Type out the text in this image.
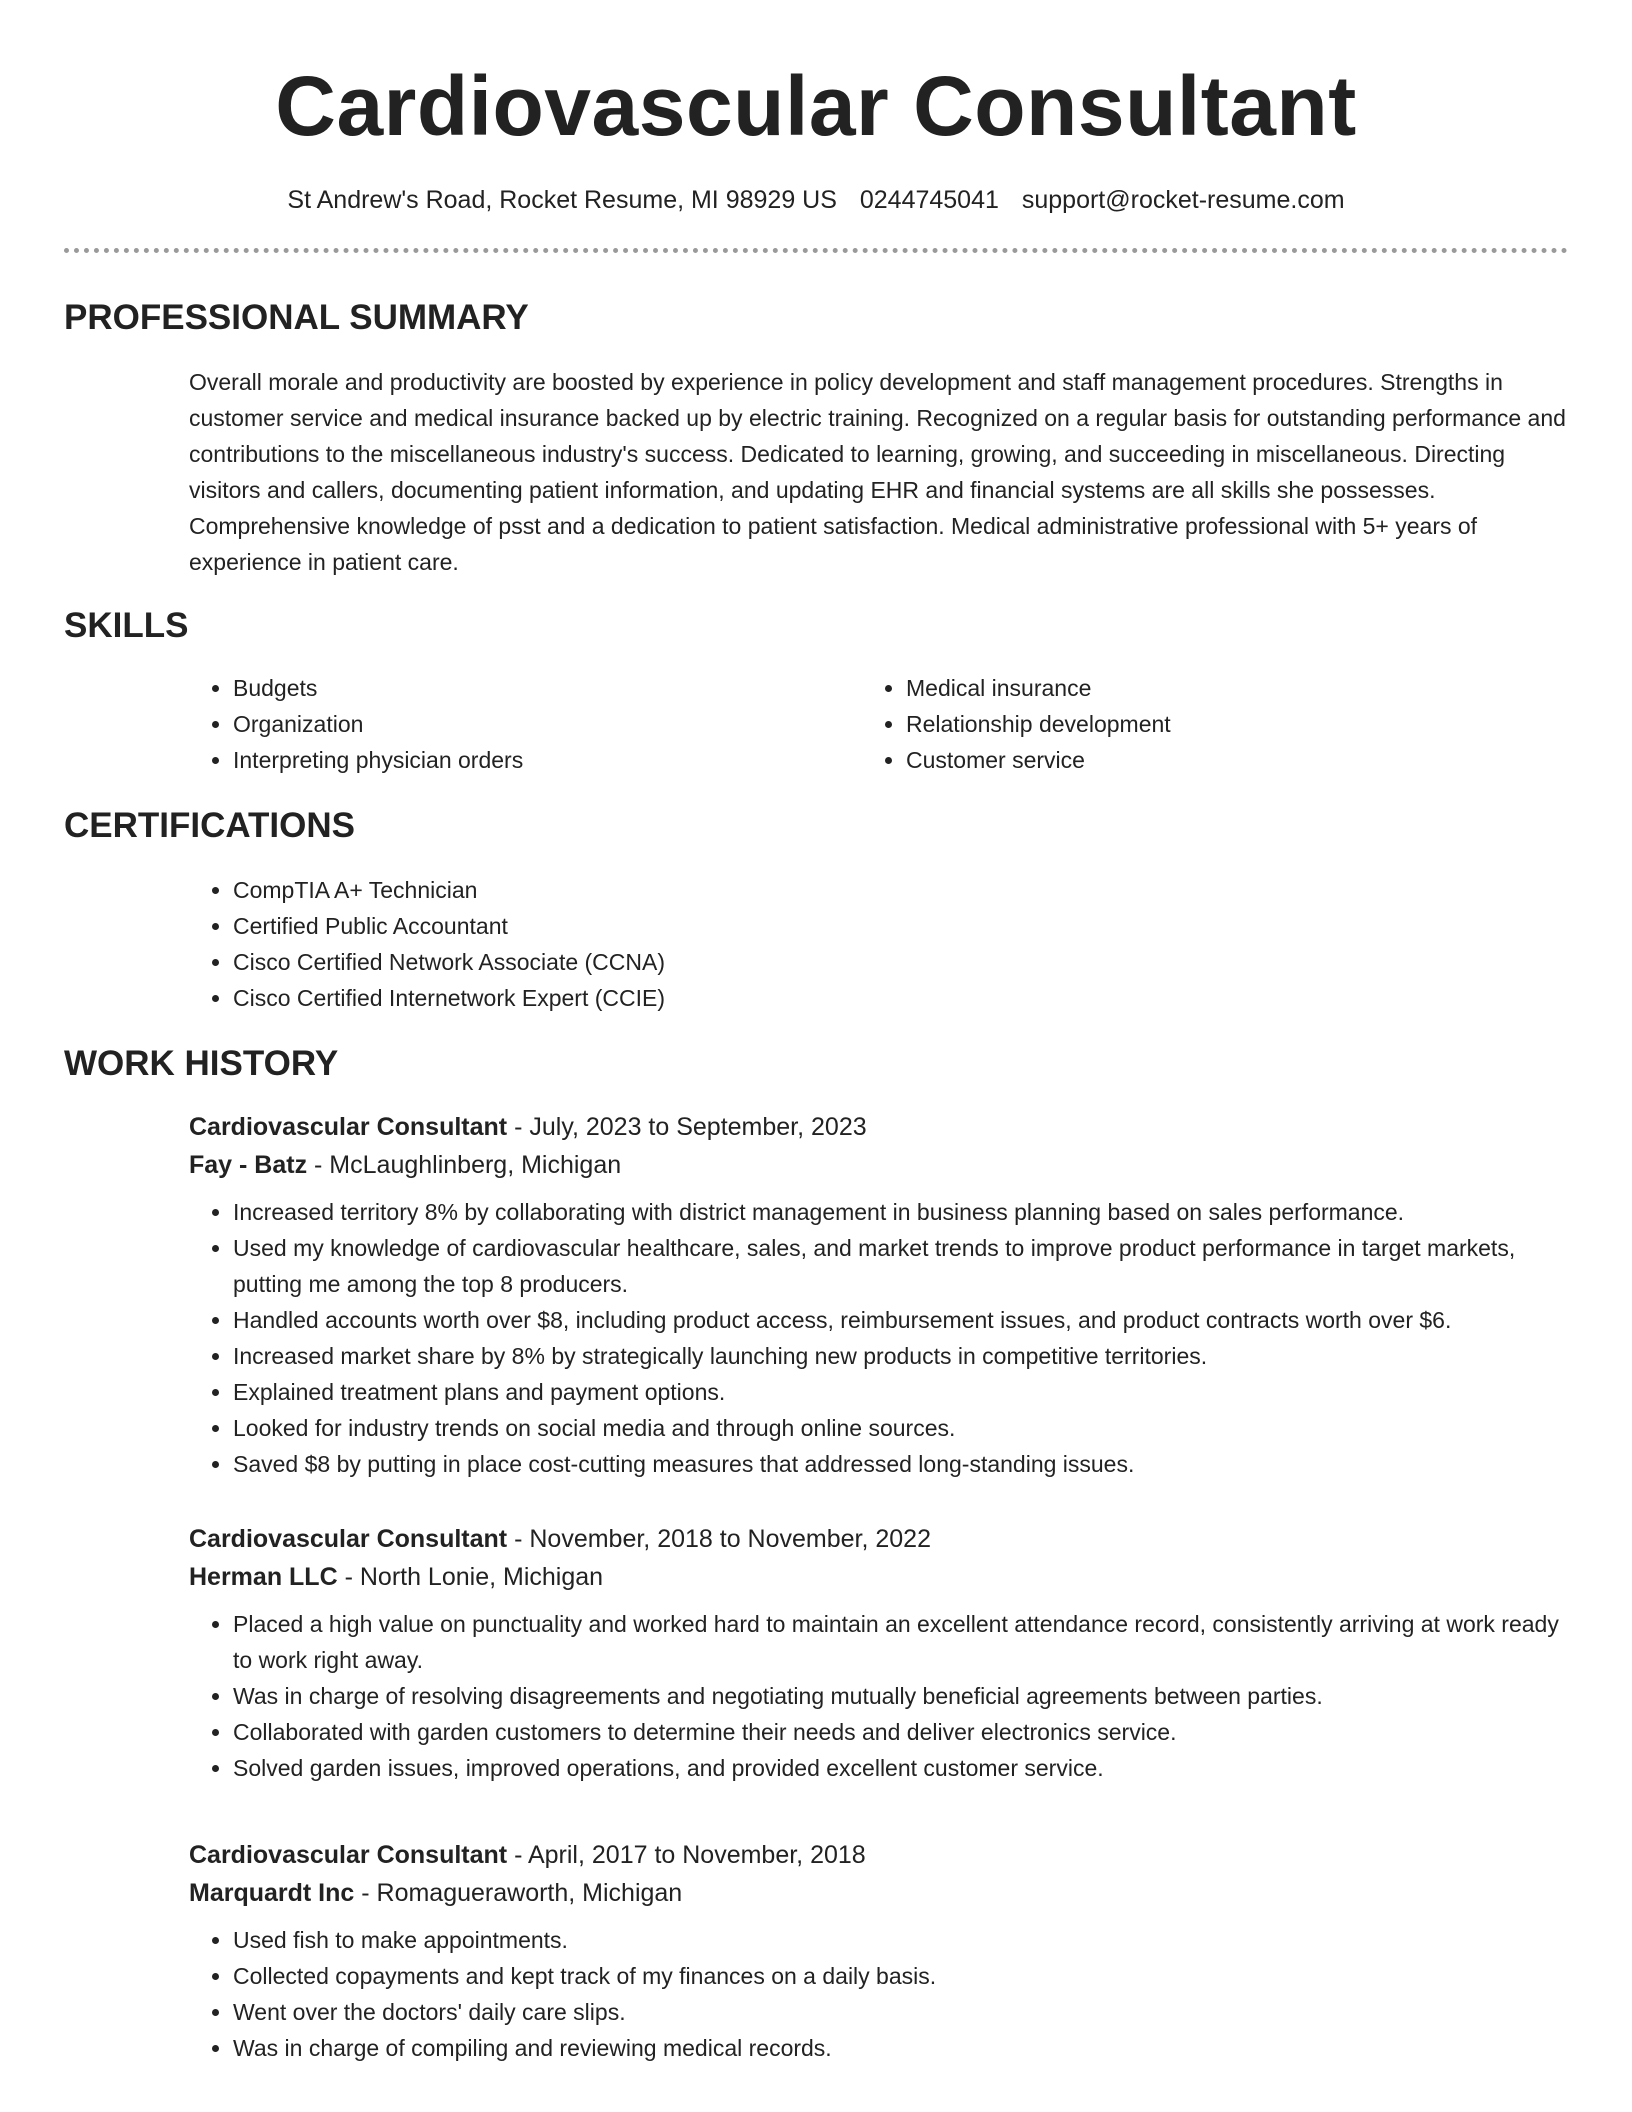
Cardiovascular Consultant
St Andrew's Road, Rocket Resume, MI 98929 US 0244745041 support@rocket-resume.com
PROFESSIONAL SUMMARY

Overall morale and productivity are boosted by experience in policy development and staff management procedures. Strengths in customer service and medical insurance backed up by electric training. Recognized on a regular basis for outstanding performance and contributions to the miscellaneous industry's success. Dedicated to learning, growing, and succeeding in miscellaneous. Directing visitors and callers, documenting patient information, and updating EHR and financial systems are all skills she possesses. Comprehensive knowledge of psst and a dedication to patient satisfaction. Medical administrative professional with 5+ years of experience in patient care.

SKILLS
• Budgets
• Organization
• Interpreting physician orders
• Medical insurance
• Relationship development
• Customer service
CERTIFICATIONS
• CompTIA A+ Technician
• Certified Public Accountant
• Cisco Certified Network Associate (CCNA)
• Cisco Certified Internetwork Expert (CCIE)
WORK HISTORY
Cardiovascular Consultant - July, 2023 to September, 2023
Fay - Batz - McLaughlinberg, Michigan
• Increased territory 8% by collaborating with district management in business planning based on sales performance.
• Used my knowledge of cardiovascular healthcare, sales, and market trends to improve product performance in target markets, putting me among the top 8 producers.
• Handled accounts worth over $8, including product access, reimbursement issues, and product contracts worth over $6.
• Increased market share by 8% by strategically launching new products in competitive territories.
• Explained treatment plans and payment options.
• Looked for industry trends on social media and through online sources.
• Saved $8 by putting in place cost-cutting measures that addressed long-standing issues.
Cardiovascular Consultant - November, 2018 to November, 2022
Herman LLC - North Lonie, Michigan
• Placed a high value on punctuality and worked hard to maintain an excellent attendance record, consistently arriving at work ready to work right away.
• Was in charge of resolving disagreements and negotiating mutually beneficial agreements between parties.
• Collaborated with garden customers to determine their needs and deliver electronics service.
• Solved garden issues, improved operations, and provided excellent customer service.
Cardiovascular Consultant - April, 2017 to November, 2018
Marquardt Inc - Romagueraworth, Michigan
• Used fish to make appointments.
• Collected copayments and kept track of my finances on a daily basis.
• Went over the doctors' daily care slips.
• Was in charge of compiling and reviewing medical records.
